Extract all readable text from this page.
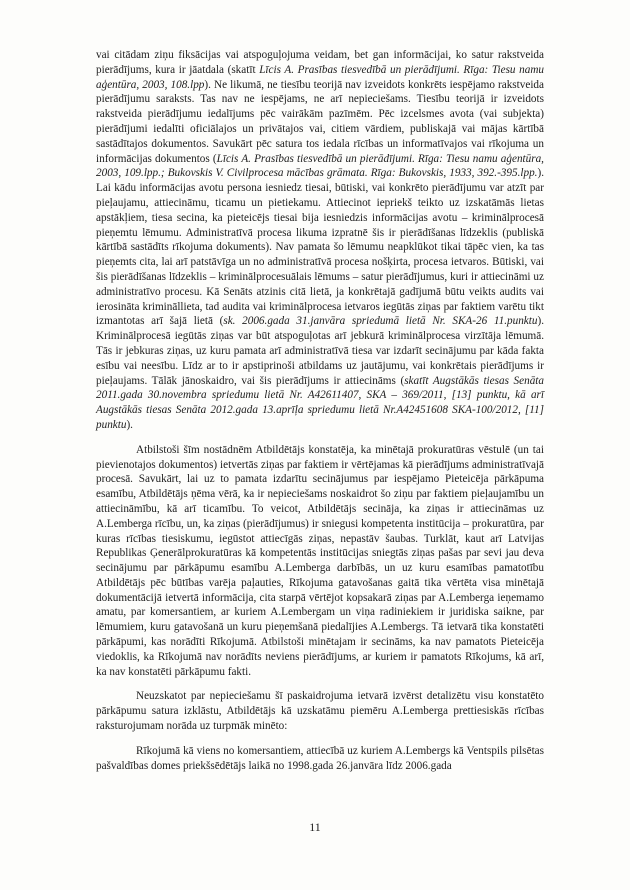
vai citādam ziņu fiksācijas vai atspoguļojuma veidam, bet gan informācijai, ko satur rakstveida pierādījums, kura ir jāatdala (skatīt Līcis A. Prasības tiesvedībā un pierādījumi. Rīga: Tiesu namu aģentūra, 2003, 108.lpp). Ne likumā, ne tiesību teorijā nav izveidots konkrēts iespējamo rakstveida pierādījumu saraksts. Tas nav ne iespējams, ne arī nepieciešams. Tiesību teorijā ir izveidots rakstveida pierādījumu iedalījums pēc vairākām pazīmēm. Pēc izcelsmes avota (vai subjekta) pierādījumi iedalīti oficiālajos un privātajos vai, citiem vārdiem, publiskajā vai mājas kārtībā sastādītajos dokumentos. Savukārt pēc satura tos iedala rīcības un informatīvajos vai rīkojuma un informācijas dokumentos (Līcis A. Prasības tiesvedībā un pierādījumi. Rīga: Tiesu namu aģentūra, 2003, 109.lpp.; Bukovskis V. Civilprocesa mācības grāmata. Rīga: Bukovskis, 1933, 392.-395.lpp.). Lai kādu informācijas avotu persona iesniedz tiesai, būtiski, vai konkrēto pierādījumu var atzīt par pieļaujamu, attiecināmu, ticamu un pietiekamu. Attiecinot iepriekš teikto uz izskatāmās lietas apstākļiem, tiesa secina, ka pieteicējs tiesai bija iesniedzis informācijas avotu – kriminālprocesā pieņemtu lēmumu. Administratīvā procesa likuma izpratnē šis ir pierādīšanas līdzeklis (publiskā kārtībā sastādīts rīkojuma dokuments). Nav pamata šo lēmumu neapklūkot tikai tāpēc vien, ka tas pieņemts cita, lai arī patstāvīga un no administratīvā procesa nošķirta, procesa ietvaros. Būtiski, vai šis pierādīšanas līdzeklis – kriminālprocesuālais lēmums – satur pierādījumus, kuri ir attiecināmi uz administratīvo procesu. Kā Senāts atzinis citā lietā, ja konkrētajā gadījumā būtu veikts audits vai ierosināta krimināllieta, tad audita vai kriminālprocesa ietvaros iegūtās ziņas par faktiem varētu tikt izmantotas arī šajā lietā (sk. 2006.gada 31.janvāra spriedumā lietā Nr. SKA-26 11.punktu). Kriminālprocesā iegūtās ziņas var būt atspoguļotas arī jebkurā kriminālprocesa virzītāja lēmumā. Tās ir jebkuras ziņas, uz kuru pamata arī administratīvā tiesa var izdarīt secinājumu par kāda fakta esību vai neesību. Līdz ar to ir apstiprinoši atbildams uz jautājumu, vai konkrētais pierādījums ir pieļaujams. Tālāk jānoskaidro, vai šis pierādījums ir attiecināms (skatīt Augstākās tiesas Senāta 2011.gada 30.novembra spriedumu lietā Nr. A42611407, SKA – 369/2011, [13] punktu, kā arī Augstākās tiesas Senāta 2012.gada 13.aprīļa spriedumu lietā Nr.A42451608 SKA-100/2012, [11] punktu).

Atbilstoši šīm nostādnēm Atbildētājs konstatēja, ka minētajā prokuratūras vēstulē (un tai pievienotajos dokumentos) ietvertās ziņas par faktiem ir vērtējamas kā pierādījums administratīvajā procesā. Savukārt, lai uz to pamata izdarītu secinājumus par iespējamo Pieteicēja pārkāpuma esamību, Atbildētājs ņēma vērā, ka ir nepieciešams noskaidrot šo ziņu par faktiem pieļaujamību un attiecināmību, kā arī ticamību. To veicot, Atbildētājs secināja, ka ziņas ir attiecināmas uz A.Lemberga rīcību, un, ka ziņas (pierādījumus) ir sniegusi kompetenta institūcija – prokuratūra, par kuras rīcības tiesiskumu, iegūstot attiecīgās ziņas, nepastāv šaubas. Turklāt, kaut arī Latvijas Republikas Ģenerālprokuratūras kā kompetentās institūcijas sniegtās ziņas pašas par sevi jau deva secinājumu par pārkāpumu esamību A.Lemberga darbībās, un uz kuru esamības pamatotību Atbildētājs pēc būtības varēja paļauties, Rīkojuma gatavošanas gaitā tika vērtēta visa minētajā dokumentācijā ietvertā informācija, cita starpā vērtējot kopsakarā ziņas par A.Lemberga ieņemamo amatu, par komersantiem, ar kuriem A.Lembergam un viņa radiniekiem ir juridiska saikne, par lēmumiem, kuru gatavošanā un kuru pieņemšanā piedalījies A.Lembergs. Tā ietvarā tika konstatēti pārkāpumi, kas norādīti Rīkojumā. Atbilstoši minētajam ir secināms, ka nav pamatots Pieteicēja viedoklis, ka Rīkojumā nav norādīts neviens pierādījums, ar kuriem ir pamatots Rīkojums, kā arī, ka nav konstatēti pārkāpumu fakti.

Neuzskatot par nepieciešamu šī paskaidrojuma ietvarā izvērst detalizētu visu konstatēto pārkāpumu satura izklāstu, Atbildētājs kā uzskatāmu piemēru A.Lemberga prettiesiskās rīcības raksturojumam norāda uz turpmāk minēto:

Rīkojumā kā viens no komersantiem, attiecībā uz kuriem A.Lembergs kā Ventspils pilsētas pašvaldības domes priekšsēdētājs laikā no 1998.gada 26.janvāra līdz 2006.gada

11
